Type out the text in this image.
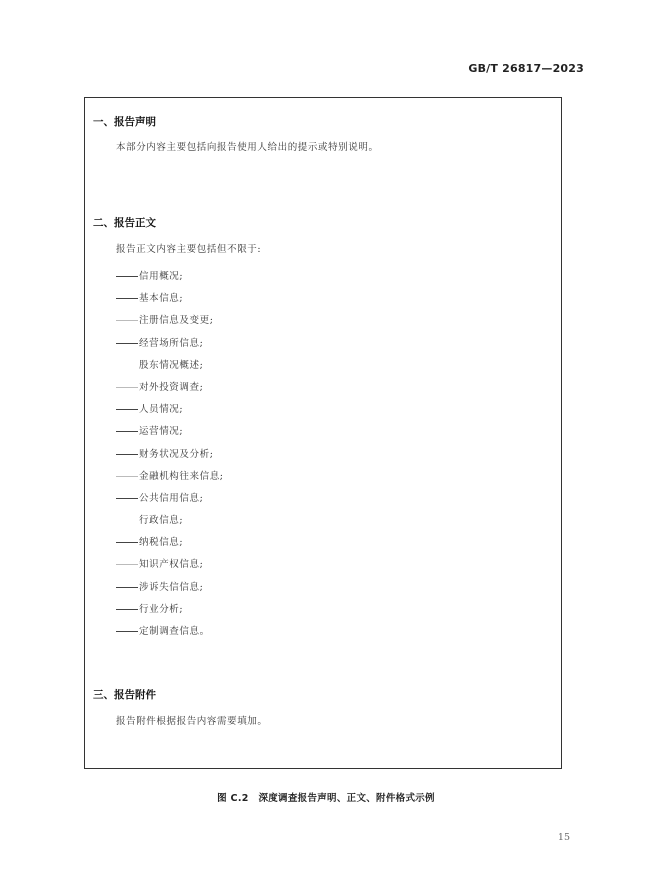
GB/T 26817—2023
一、报告声明
本部分内容主要包括向报告使用人给出的提示或特别说明。
二、报告正文
报告正文内容主要包括但不限于:
信用概况;
基本信息;
注册信息及变更;
经营场所信息;
股东情况概述;
对外投资调查;
人员情况;
运营情况;
财务状况及分析;
金融机构往来信息;
公共信用信息;
行政信息;
纳税信息;
知识产权信息;
涉诉失信信息;
行业分析;
定制调查信息。
三、报告附件
报告附件根据报告内容需要填加。
图 C.2　深度调查报告声明、正文、附件格式示例
15
